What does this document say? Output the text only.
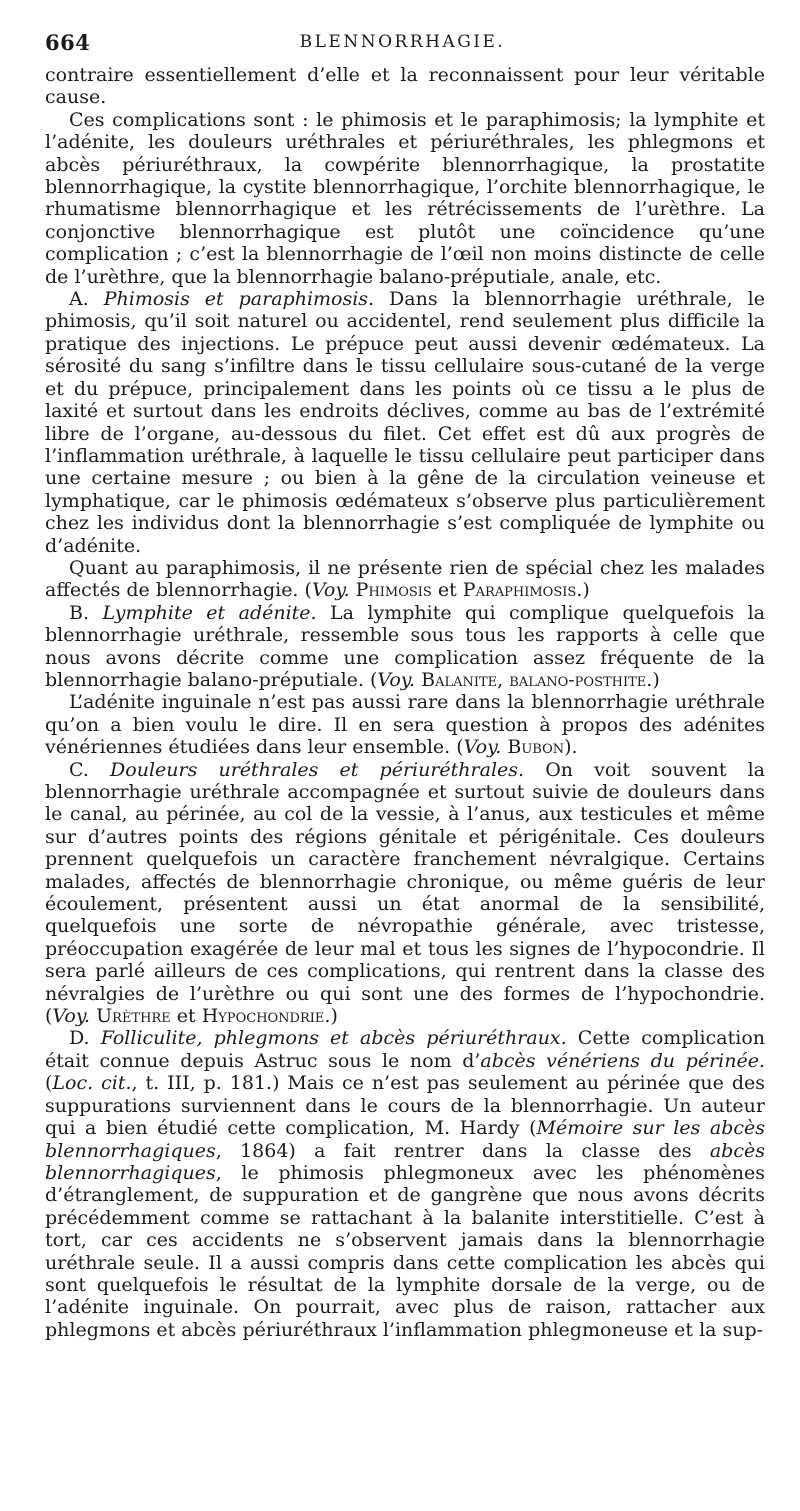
664	BLENNORRHAGIE.

contraire essentiellement d’elle et la reconnaissent pour leur véritable cause.

Ces complications sont : le phimosis et le paraphimosis; la lymphite et l’adénite, les douleurs uréthrales et périuréthrales, les phlegmons et abcès périuréthraux, la cowpérite blennorrhagique, la prostatite blennorrhagique, la cystite blennorrhagique, l’orchite blennorrhagique, le rhumatisme blennorrhagique et les rétrécissements de l’urèthre. La conjonctive blennorrhagique est plutôt une coïncidence qu’une complication ; c’est la blennorrhagie de l’œil non moins distincte de celle de l’urèthre, que la blennorrhagie balano-préputiale, anale, etc.

A. Phimosis et paraphimosis. Dans la blennorrhagie uréthrale, le phimosis, qu’il soit naturel ou accidentel, rend seulement plus difficile la pratique des injections. Le prépuce peut aussi devenir œdémateux. La sérosité du sang s’infiltre dans le tissu cellulaire sous-cutané de la verge et du prépuce, principalement dans les points où ce tissu a le plus de laxité et surtout dans les endroits déclives, comme au bas de l’extrémité libre de l’organe, au-dessous du filet. Cet effet est dû aux progrès de l’inflammation uréthrale, à laquelle le tissu cellulaire peut participer dans une certaine mesure ; ou bien à la gêne de la circulation veineuse et lymphatique, car le phimosis œdémateux s’observe plus particulièrement chez les individus dont la blennorrhagie s’est compliquée de lymphite ou d’adénite.

Quant au paraphimosis, il ne présente rien de spécial chez les malades affectés de blennorrhagie. (Voy. Phimosis et Paraphimosis.)

B. Lymphite et adénite. La lymphite qui complique quelquefois la blennorrhagie uréthrale, ressemble sous tous les rapports à celle que nous avons décrite comme une complication assez fréquente de la blennorrhagie balano-préputiale. (Voy. Balanite, balano-posthite.)

L’adénite inguinale n’est pas aussi rare dans la blennorrhagie uréthrale qu’on a bien voulu le dire. Il en sera question à propos des adénites vénériennes étudiées dans leur ensemble. (Voy. Bubon).

C. Douleurs uréthrales et périuréthrales. On voit souvent la blennorrhagie uréthrale accompagnée et surtout suivie de douleurs dans le canal, au périnée, au col de la vessie, à l’anus, aux testicules et même sur d’autres points des régions génitale et périgénitale. Ces douleurs prennent quelquefois un caractère franchement névralgique. Certains malades, affectés de blennorrhagie chronique, ou même guéris de leur écoulement, présentent aussi un état anormal de la sensibilité, quelquefois une sorte de névropathie générale, avec tristesse, préoccupation exagérée de leur mal et tous les signes de l’hypocondrie. Il sera parlé ailleurs de ces complications, qui rentrent dans la classe des névralgies de l’urèthre ou qui sont une des formes de l’hypochondrie. (Voy. Urèthre et Hypochondrie.)

D. Folliculite, phlegmons et abcès périuréthraux. Cette complication était connue depuis Astruc sous le nom d’abcès vénériens du périnée. (Loc. cit., t. III, p. 181.) Mais ce n’est pas seulement au périnée que des suppurations surviennent dans le cours de la blennorrhagie. Un auteur qui a bien étudié cette complication, M. Hardy (Mémoire sur les abcès blennorrhagiques, 1864) a fait rentrer dans la classe des abcès blennorrhagiques, le phimosis phlegmoneux avec les phénomènes d’étranglement, de suppuration et de gangrène que nous avons décrits précédemment comme se rattachant à la balanite interstitielle. C’est à tort, car ces accidents ne s’observent jamais dans la blennorrhagie uréthrale seule. Il a aussi compris dans cette complication les abcès qui sont quelquefois le résultat de la lymphite dorsale de la verge, ou de l’adénite inguinale. On pourrait, avec plus de raison, rattacher aux phlegmons et abcès périuréthraux l’inflammation phlegmoneuse et la sup-
